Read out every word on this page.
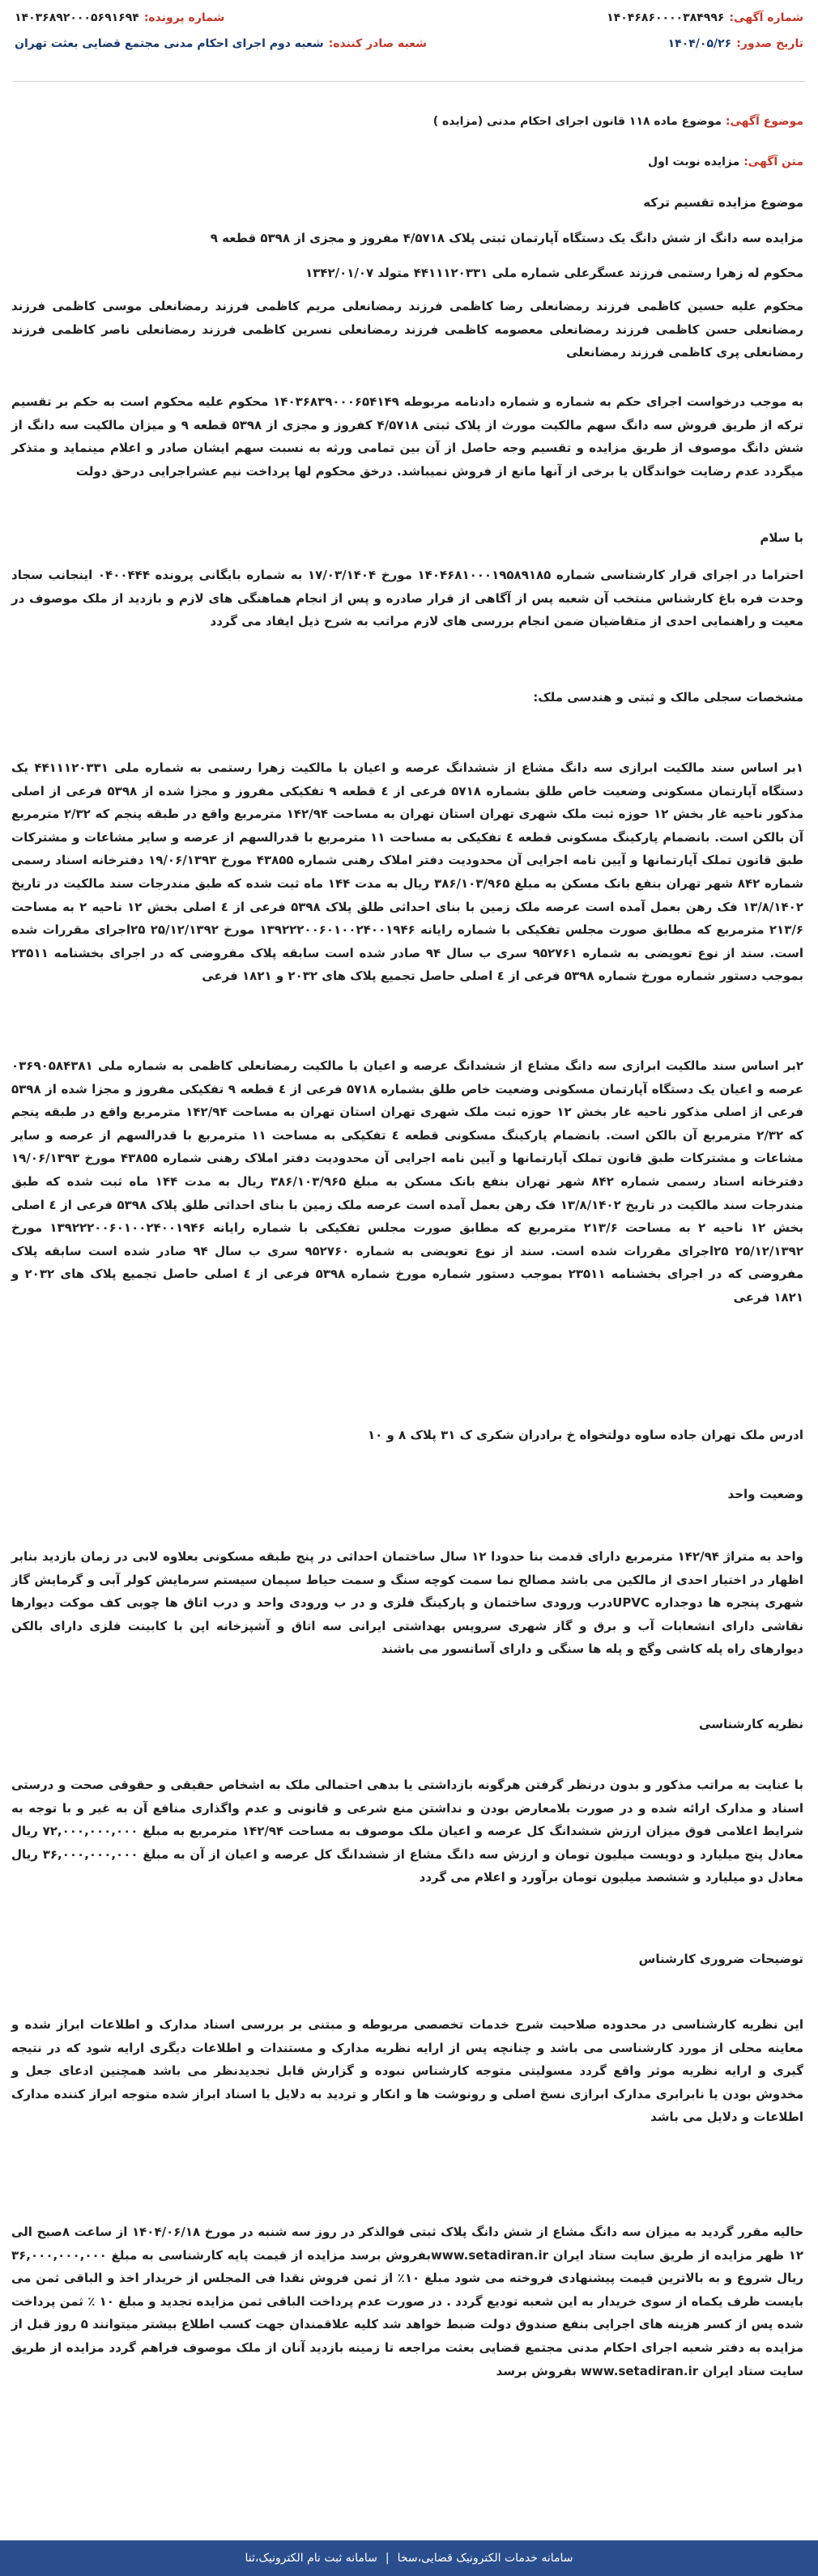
شماره آگهی:
۱۴۰۴۶۸۶۰۰۰۰۳۸۴۹۹۶
شماره پرونده:
۱۴۰۳۶۸۹۲۰۰۰۵۶۹۱۶۹۴
تاریخ صدور:
۱۴۰۴/۰۵/۲۶
شعبه صادر کننده:
شعبه دوم اجرای احکام مدنی مجتمع قضایی بعثت تهران
موضوع آگهی: موضوع ماده ۱۱۸ قانون اجرای احکام مدنی (مزایده )
متن آگهی: مزایده نوبت اول
موضوع مزایده تقسیم ترکه
مزایده سه دانگ از شش دانگ یک دستگاه آپارتمان ثبتی پلاک ۴/۵۷۱۸ مفروز و مجزی از ۵۳۹۸ قطعه ۹
محکوم له زهرا رستمی فرزند عسگرعلی شماره ملی ۴۴۱۱۱۲۰۳۳۱ متولد ۱۳۴۲/۰۱/۰۷
محکوم علیه حسین کاظمی فرزند رمضانعلی رضا کاظمی فرزند رمضانعلی مریم کاظمی فرزند رمضانعلی موسی کاظمی فرزند رمضانعلی حسن کاظمی فرزند رمضانعلی معصومه کاظمی فرزند رمضانعلی نسرین کاظمی فرزند رمضانعلی ناصر کاظمی فرزند رمضانعلی پری کاظمی فرزند رمضانعلی
به موجب درخواست اجرای حکم به شماره و شماره دادنامه مربوطه ۱۴۰۳۶۸۳۹۰۰۰۶۵۴۱۴۹ محکوم علیه محکوم است به حکم بر تقسیم ترکه از طریق فروش سه دانگ سهم مالکیت مورث از پلاک ثبتی ۴/۵۷۱۸ کفروز و مجزی از ۵۳۹۸ قطعه ۹ و میزان مالکیت سه دانگ از شش دانگ موصوف از طریق مزایده و تقسیم وجه حاصل از آن بین تمامی ورثه به نسبت سهم ایشان صادر و اعلام مینماید و متذکر میگردد عدم رضایت خواندگان یا برخی از آنها مانع از فروش نمیباشد. درخق محکوم لها پرداخت نیم عشراجرایی درحق دولت
با سلام
احتراما در اجرای قرار کارشناسی شماره ۱۴۰۴۶۸۱۰۰۰۱۹۵۸۹۱۸۵ مورخ ۱۷/۰۳/۱۴۰۴ به شماره بایگانی پرونده ۰۴۰۰۴۴۴ اینجانب سجاد وحدت فره باغ کارشناس منتخب آن شعبه پس از آگاهی از قرار صادره و پس از انجام هماهنگی های لازم و بازدید از ملک موصوف در معیت و راهنمایی احدی از متقاضیان ضمن انجام بررسی های لازم مراتب به شرح ذیل ایفاد می گردد
مشخصات سجلی مالک و ثبتی و هندسی ملک:
۱بر اساس سند مالکیت ابرازی سه دانگ مشاع از ششدانگ عرصه و اعیان با مالکیت زهرا رستمی به شماره ملی ۴۴۱۱۱۲۰۳۳۱ یک دستگاه آپارتمان مسکونی وضعیت خاص طلق بشماره ۵۷۱۸ فرعی از ٤ قطعه ۹ تفکیکی مفروز و مجزا شده از ۵۳۹۸ فرعی از اصلی مذکور ناحیه غار بخش ۱۲ حوزه ثبت ملک شهری تهران استان تهران به مساحت ۱۴۲/۹۴ مترمربع واقع در طبقه پنجم که ۲/۳۲ مترمربع آن بالکن است. بانضمام پارکینگ مسکونی قطعه ٤ تفکیکی به مساحت ۱۱ مترمربع با قدرالسهم از عرصه و سایر مشاعات و مشترکات طبق قانون تملک آپارتمانها و آیین نامه اجرایی آن محدودیت دفتر املاک رهنی شماره ۴۳۸۵۵ مورخ ۱۹/۰۶/۱۳۹۳ دفترخانه اسناد رسمی شماره ۸۴۲ شهر تهران بنفع بانک مسکن به مبلغ ۳۸۶/۱۰۳/۹۶۵ ریال به مدت ۱۴۴ ماه ثبت شده که طبق مندرجات سند مالکیت در تاریخ ۱۳/۸/۱۴۰۲ فک رهن بعمل آمده است عرصه ملک زمین با بنای احداثی طلق پلاک ۵۳۹۸ فرعی از ٤ اصلی بخش ۱۲ ناحیه ۲ به مساحت ۲۱۳/۶ مترمربع که مطابق صورت مجلس تفکیکی با شماره رایانه ۱۳۹۲۲۲۰۰۶۰۱۰۰۲۴۰۰۱۹۴۶ مورخ ۲۵/۱۲/۱۳۹۲ ۲۵اجرای مقررات شده است. سند از نوع تعویضی به شماره ۹۵۲۷۶۱ سری ب سال ۹۴ صادر شده است سابقه پلاک مفروضی که در اجرای بخشنامه ۲۳۵۱۱ بموجب دستور شماره مورخ شماره ۵۳۹۸ فرعی از ٤ اصلی حاصل تجمیع پلاک های ۲۰۳۲ و ۱۸۲۱ فرعی
۲بر اساس سند مالکیت ابرازی سه دانگ مشاع از ششدانگ عرصه و اعیان با مالکیت رمضانعلی کاظمی به شماره ملی ۰۳۶۹۰۵۸۴۳۸۱ عرصه و اعیان یک دستگاه آپارتمان مسکونی وضعیت خاص طلق بشماره ۵۷۱۸ فرعی از ٤ قطعه ۹ تفکیکی مفروز و مجزا شده از ۵۳۹۸ فرعی از اصلی مذکور ناحیه غار بخش ۱۲ حوزه ثبت ملک شهری تهران استان تهران به مساحت ۱۴۲/۹۴ مترمربع واقع در طبقه پنجم که ۲/۳۲ مترمربع آن بالکن است. بانضمام پارکینگ مسکونی قطعه ٤ تفکیکی به مساحت ۱۱ مترمربع با قدرالسهم از عرصه و سایر مشاعات و مشترکات طبق قانون تملک آپارتمانها و آیین نامه اجرایی آن محدودیت دفتر املاک رهنی شماره ۴۳۸۵۵ مورخ ۱۹/۰۶/۱۳۹۳ دفترخانه اسناد رسمی شماره ۸۴۲ شهر تهران بنفع بانک مسکن به مبلغ ۳۸۶/۱۰۳/۹۶۵ ریال به مدت ۱۴۴ ماه ثبت شده که طبق مندرجات سند مالکیت در تاریخ ۱۳/۸/۱۴۰۲ فک رهن بعمل آمده است عرصه ملک زمین با بنای احداثی طلق پلاک ۵۳۹۸ فرعی از ٤ اصلی بخش ۱۲ ناحیه ۲ به مساحت ۲۱۳/۶ مترمربع که مطابق صورت مجلس تفکیکی با شماره رایانه ۱۳۹۲۲۲۰۰۶۰۱۰۰۲۴۰۰۱۹۴۶ مورخ ۲۵/۱۲/۱۳۹۲ ۲۵اجرای مقررات شده است. سند از نوع تعویضی به شماره ۹۵۲۷۶۰ سری ب سال ۹۴ صادر شده است سابقه پلاک مفروضی که در اجرای بخشنامه ۲۳۵۱۱ بموجب دستور شماره مورخ شماره ۵۳۹۸ فرعی از ٤ اصلی حاصل تجمیع پلاک های ۲۰۳۲ و ۱۸۲۱ فرعی
ادرس ملک تهران جاده ساوه دولتخواه خ برادران شکری ک ۳۱ پلاک ۸ و ۱۰
وضعیت واحد
واحد به متراژ ۱۴۲/۹۴ مترمربع دارای قدمت بنا حدودا ۱۲ سال ساختمان احداثی در پنج طبقه مسکونی بعلاوه لابی در زمان بازدید بنابر اظهار در اختیار احدی از مالکین می باشد مصالح نما سمت کوچه سنگ و سمت حیاط سیمان سیستم سرمایش کولر آبی و گرمایش گاز شهری پنجره ها دوجداره UPVCدرب ورودی ساختمان و پارکینگ فلزی و در ب ورودی واحد و درب اتاق ها چوبی کف موکت دیوارها نقاشی دارای انشعابات آب و برق و گاز شهری سرویس بهداشتی ایرانی سه اتاق و آشپزخانه اپن با کابینت فلزی دارای بالکن دیوارهای راه پله کاشی وگچ و پله ها سنگی و دارای آسانسور می باشند
نظریه کارشناسی
با عنایت به مراتب مذکور و بدون درنظر گرفتن هرگونه بازداشتی یا بدهی احتمالی ملک به اشخاص حقیقی و حقوقی صحت و درستی اسناد و مدارک ارائه شده و در صورت بلامعارض بودن و نداشتن منع شرعی و قانونی و عدم واگذاری منافع آن به غیر و با توجه به شرایط اعلامی فوق میزان ارزش ششدانگ کل عرصه و اعیان ملک موصوف به مساحت ۱۴۲/۹۴ مترمربع به مبلغ ۷۲,۰۰۰,۰۰۰,۰۰۰ ریال معادل پنج میلیارد و دویست میلیون تومان و ارزش سه دانگ مشاع از ششدانگ کل عرصه و اعیان از آن به مبلغ ۳۶,۰۰۰,۰۰۰,۰۰۰ ریال معادل دو میلیارد و ششصد میلیون تومان برآورد و اعلام می گردد
توضیحات ضروری کارشناس
این نظریه کارشناسی در محدوده صلاحیت شرح خدمات تخصصی مربوطه و مبتنی بر بررسی اسناد مدارک و اطلاعات ابراز شده و معاینه محلی از مورد کارشناسی می باشد و چنانچه پس از ارایه نظریه مدارک و مستندات و اطلاعات دیگری ارایه شود که در نتیجه گیری و ارایه نظریه موثر واقع گردد مسولیتی متوجه کارشناس نبوده و گزارش قابل تجدیدنظر می باشد همچنین ادعای جعل و مخدوش بودن یا نابرابری مدارک ابرازی نسخ اصلی و رونوشت ها و انکار و تردید به دلایل یا اسناد ابراز شده متوجه ابراز کننده مدارک اطلاعات و دلایل می باشد
حالیه مقرر گردید به میزان سه دانگ مشاع از شش دانگ پلاک ثبتی فوالذکر در روز سه شنبه در مورخ ۱۴۰۴/۰۶/۱۸ از ساعت ۸صبح الی ۱۲ ظهر مزایده از طریق سایت ستاد ایران www.setadiran.irبفروش برسد مزایده از قیمت پایه کارشناسی به مبلغ ۳۶,۰۰۰,۰۰۰,۰۰۰ ریال شروع و به بالاترین قیمت پیشنهادی فروخته می شود مبلغ ۱۰٪ از ثمن فروش نقدا فی المجلس از خریدار اخذ و الباقی ثمن می بایست ظرف یکماه از سوی خریدار به این شعبه تودیع گردد . در صورت عدم پرداخت الباقی ثمن مزایده تجدید و مبلغ ۱۰ ٪ ثمن پرداخت شده پس از کسر هزینه های اجرایی بنفع صندوق دولت ضبط خواهد شد کلیه علاقمندان جهت کسب اطلاع بیشتر میتوانند ۵ روز قبل از مزایده به دفتر شعبه اجرای احکام مدنی مجتمع قضایی بعثت مراجعه تا زمینه بازدید آنان از ملک موصوف فراهم گردد مزایده از طریق سایت ستاد ایران www.setadiran.ir بفروش برسد
سامانه خدمات الکترونیک قضایی،سخا
|
سامانه ثبت نام الکترونیک،ثنا
